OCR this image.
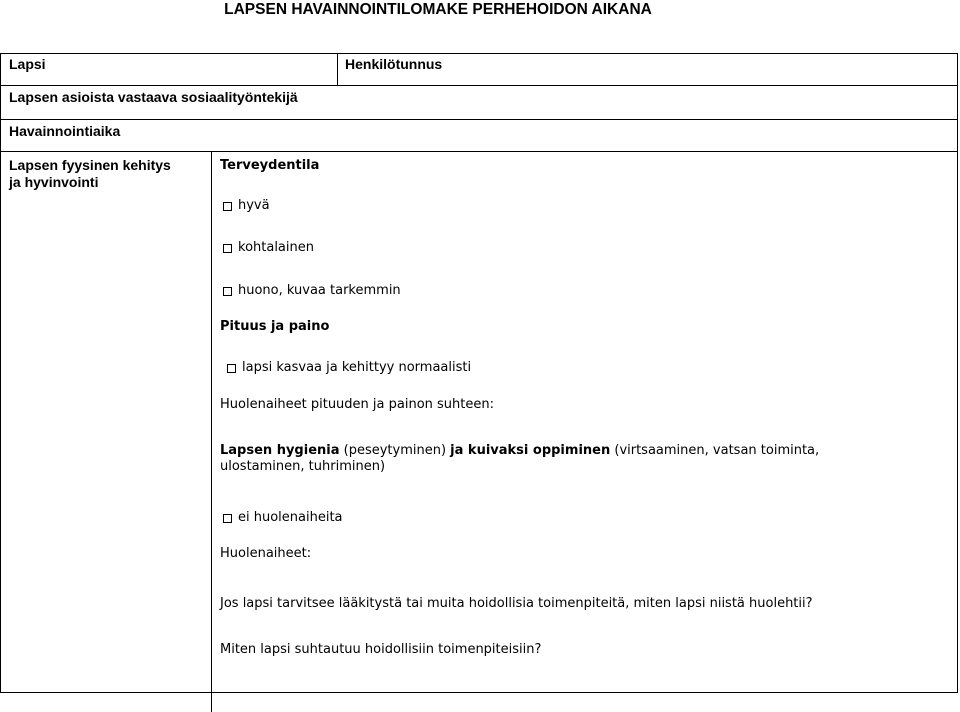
LAPSEN HAVAINNOINTILOMAKE PERHEHOIDON AIKANA
Lapsi	Henkilötunnus
Lapsen asioista vastaava sosiaalityöntekijä
Havainnointiaika
Lapsen fyysinen kehitys
ja hyvinvointi
Terveydentila
hyvä
kohtalainen
huono, kuvaa tarkemmin
Pituus ja paino
lapsi kasvaa ja kehittyy normaalisti
Huolenaiheet pituuden ja painon suhteen:
Lapsen hygienia (peseytyminen) ja kuivaksi oppiminen (virtsaaminen, vatsan toiminta, ulostaminen, tuhriminen)
ei huolenaiheita
Huolenaiheet:
Jos lapsi tarvitsee lääkitystä tai muita hoidollisia toimenpiteitä, miten lapsi niistä huolehtii?
Miten lapsi suhtautuu hoidollisiin toimenpiteisiin?
